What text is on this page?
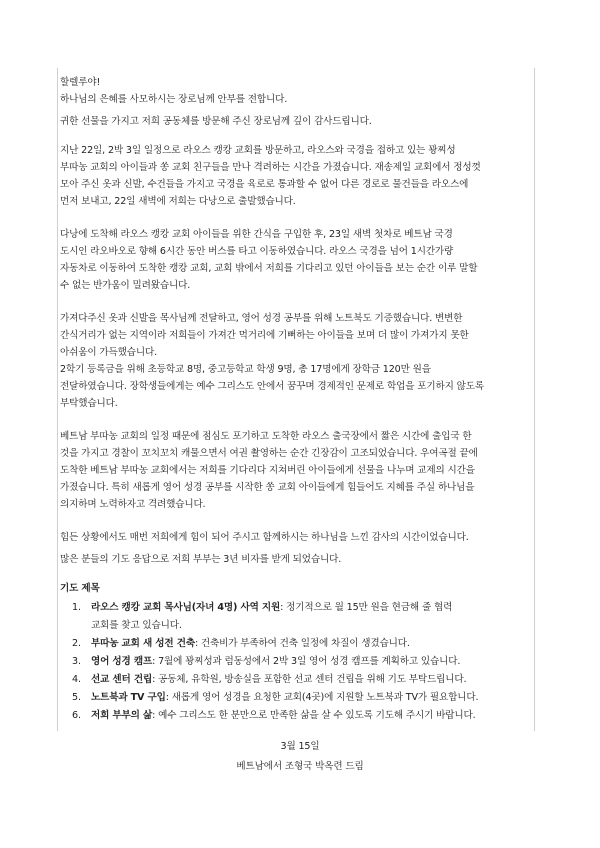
할렐루야!

하나님의 은혜를 사모하시는 장로님께 안부를 전합니다.

귀한 선물을 가지고 저희 공동체를 방문해 주신 장로님께 깊이 감사드립니다.

지난 22일, 2박 3일 일정으로 라오스 캥캉 교회를 방문하고, 라오스와 국경을 접하고 있는 꽝찌성

부따농 교회의 아이들과 쏭 교회 친구들을 만나 격려하는 시간을 가졌습니다. 재송제일 교회에서 정성껏

모아 주신 옷과 신발, 수건들을 가지고 국경을 육로로 통과할 수 없어 다른 경로로 물건들을 라오스에

먼저 보내고, 22일 새벽에 저희는 다낭으로 출발했습니다.

다낭에 도착해 라오스 캥캉 교회 아이들을 위한 간식을 구입한 후, 23일 새벽 첫차로 베트남 국경

도시인 라오바오로 향해 6시간 동안 버스를 타고 이동하였습니다. 라오스 국경을 넘어 1시간가량

자동차로 이동하여 도착한 캥캉 교회, 교회 밖에서 저희를 기다리고 있던 아이들을 보는 순간 이루 말할

수 없는 반가움이 밀려왔습니다.

가져다주신 옷과 신발을 목사님께 전달하고, 영어 성경 공부를 위해 노트북도 기증했습니다. 변변한

간식거리가 없는 지역이라 저희들이 가져간 먹거리에 기뻐하는 아이들을 보며 더 많이 가져가지 못한

아쉬움이 가득했습니다.

2학기 등록금을 위해 초등학교 8명, 중고등학교 학생 9명, 총 17명에게 장학금 120만 원을

전달하였습니다. 장학생들에게는 예수 그리스도 안에서 꿈꾸며 경제적인 문제로 학업을 포기하지 않도록

부탁했습니다.

베트남 부따농 교회의 일정 때문에 점심도 포기하고 도착한 라오스 출국장에서 짧은 시간에 출입국 한

것을 가지고 경찰이 꼬치꼬치 캐물으면서 여권 촬영하는 순간 긴장감이 고조되었습니다. 우여곡절 끝에

도착한 베트남 부따농 교회에서는 저희를 기다리다 지쳐버린 아이들에게 선물을 나누며 교제의 시간을

가졌습니다. 특히 새롭게 영어 성경 공부를 시작한 쏭 교회 아이들에게 힘들어도 지혜를 주실 하나님을

의지하며 노력하자고 격려했습니다.

힘든 상황에서도 매번 저희에게 힘이 되어 주시고 함께하시는 하나님을 느낀 감사의 시간이었습니다.

많은 분들의 기도 응답으로 저희 부부는 3년 비자를 받게 되었습니다.

기도 제목

1. 라오스 캥캉 교회 목사님(자녀 4명) 사역 지원: 정기적으로 월 15만 원을 현금해 줄 협력
교회를 찾고 있습니다.
2. 부따농 교회 새 성전 건축: 건축비가 부족하여 건축 일정에 차질이 생겼습니다.
3. 영어 성경 캠프: 7월에 꽝찌성과 럼동성에서 2박 3일 영어 성경 캠프를 계획하고 있습니다.
4. 선교 센터 건립: 공동체, 유학원, 방송실을 포함한 선교 센터 건립을 위해 기도 부탁드립니다.
5. 노트북과 TV 구입: 새롭게 영어 성경을 요청한 교회(4곳)에 지원할 노트북과 TV가 필요합니다.
6. 저희 부부의 삶: 예수 그리스도 한 분만으로 만족한 삶을 살 수 있도록 기도해 주시기 바랍니다.

3월 15일

베트남에서 조형국 박옥련 드림
